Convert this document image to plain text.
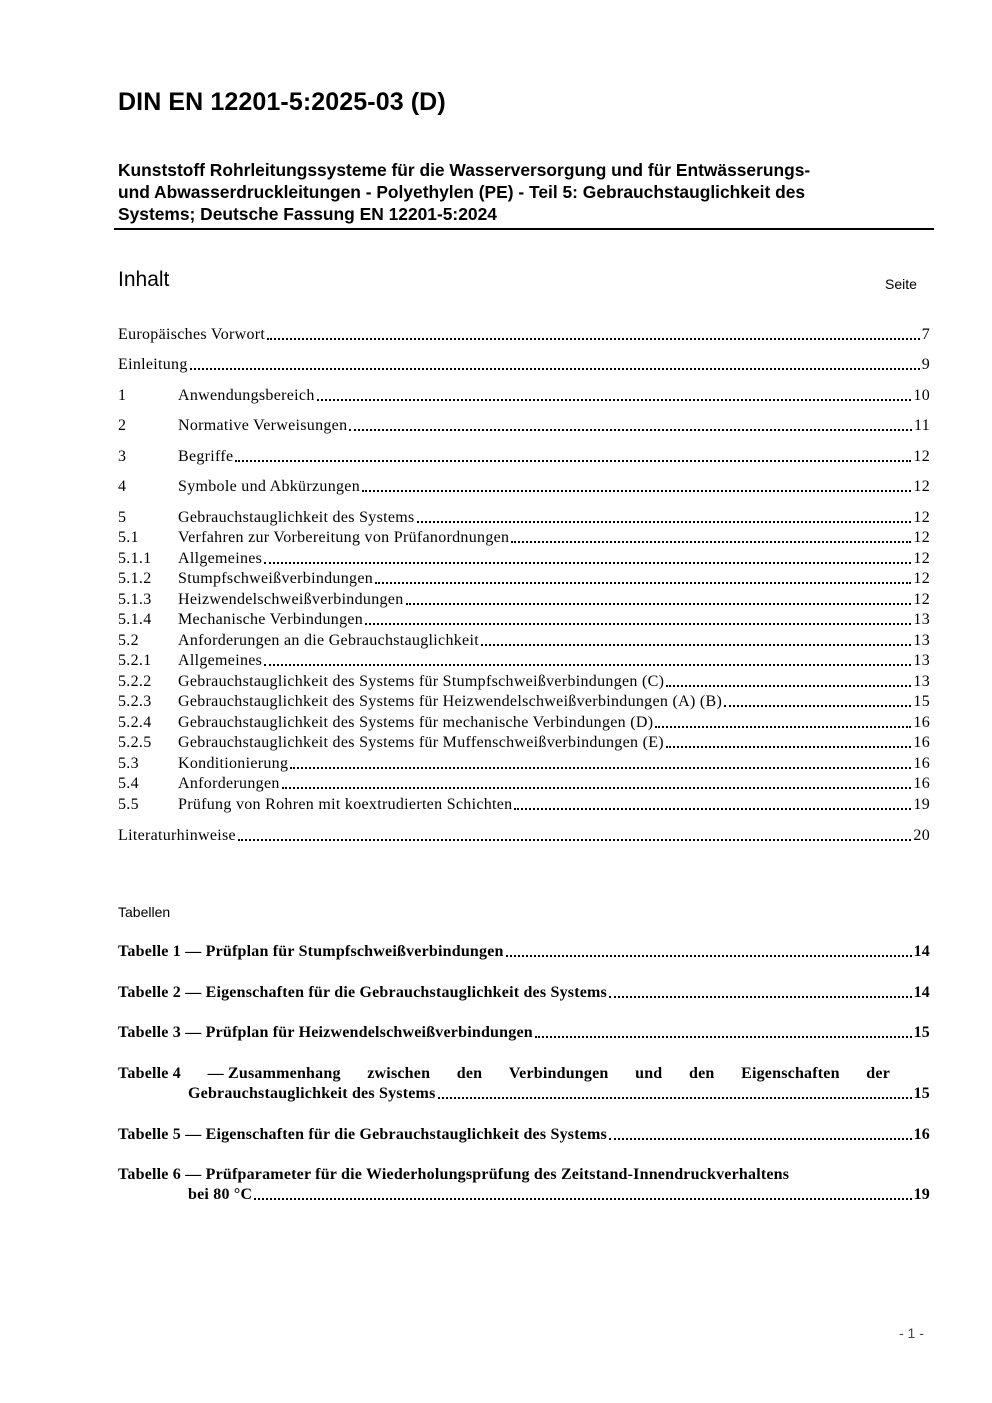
DIN EN 12201-5:2025-03 (D)
Kunststoff Rohrleitungssysteme für die Wasserversorgung und für Entwässerungs-
und Abwasserdruckleitungen - Polyethylen (PE) - Teil 5: Gebrauchstauglichkeit des
Systems; Deutsche Fassung EN 12201-5:2024
Inhalt	Seite
Europäisches Vorwort	7
Einleitung	9
1	Anwendungsbereich	10
2	Normative Verweisungen	11
3	Begriffe	12
4	Symbole und Abkürzungen	12
5	Gebrauchstauglichkeit des Systems	12
5.1	Verfahren zur Vorbereitung von Prüfanordnungen	12
5.1.1	Allgemeines	12
5.1.2	Stumpfschweißverbindungen	12
5.1.3	Heizwendelschweißverbindungen	12
5.1.4	Mechanische Verbindungen	13
5.2	Anforderungen an die Gebrauchstauglichkeit	13
5.2.1	Allgemeines	13
5.2.2	Gebrauchstauglichkeit des Systems für Stumpfschweißverbindungen (C)	13
5.2.3	Gebrauchstauglichkeit des Systems für Heizwendelschweißverbindungen (A) (B)	15
5.2.4	Gebrauchstauglichkeit des Systems für mechanische Verbindungen (D)	16
5.2.5	Gebrauchstauglichkeit des Systems für Muffenschweißverbindungen (E)	16
5.3	Konditionierung	16
5.4	Anforderungen	16
5.5	Prüfung von Rohren mit koextrudierten Schichten	19
Literaturhinweise	20
Tabellen
Tabelle 1 — Prüfplan für Stumpfschweißverbindungen	14
Tabelle 2 — Eigenschaften für die Gebrauchstauglichkeit des Systems	14
Tabelle 3 — Prüfplan für Heizwendelschweißverbindungen	15
Tabelle 4 — Zusammenhang zwischen den Verbindungen und den Eigenschaften der
Gebrauchstauglichkeit des Systems	15
Tabelle 5 — Eigenschaften für die Gebrauchstauglichkeit des Systems	16
Tabelle 6 — Prüfparameter für die Wiederholungsprüfung des Zeitstand-Innendruckverhaltens
bei 80 °C	19
- 1 -
